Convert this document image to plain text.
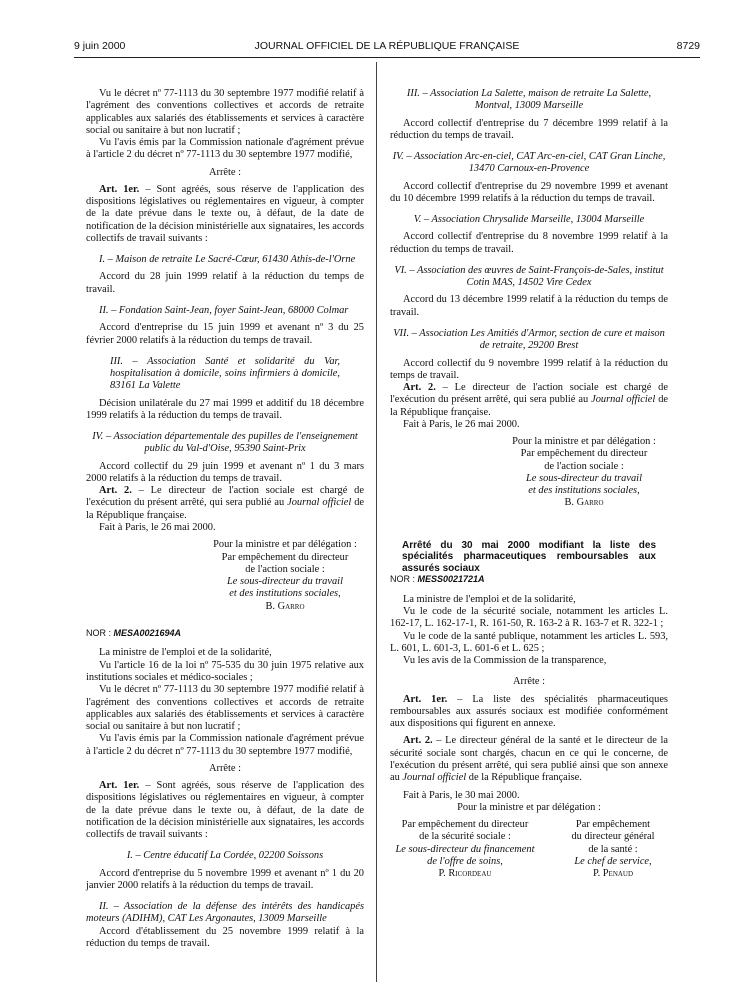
9 juin 2000	JOURNAL OFFICIEL DE LA RÉPUBLIQUE FRANÇAISE	8729

Vu le décret nº 77-1113 du 30 septembre 1977 modifié relatif à l'agrément des conventions collectives et accords de retraite applicables aux salariés des établissements et services à caractère social ou sanitaire à but non lucratif ;

Vu l'avis émis par la Commission nationale d'agrément prévue à l'article 2 du décret nº 77-1113 du 30 septembre 1977 modifié,

Arrête :

Art. 1er. – Sont agréés, sous réserve de l'application des dispositions législatives ou réglementaires en vigueur, à compter de la date prévue dans le texte ou, à défaut, de la date de notification de la décision ministérielle aux signataires, les accords collectifs de travail suivants :

I. – Maison de retraite Le Sacré-Cœur, 61430 Athis-de-l'Orne

Accord du 28 juin 1999 relatif à la réduction du temps de travail.

II. – Fondation Saint-Jean, foyer Saint-Jean, 68000 Colmar

Accord d'entreprise du 15 juin 1999 et avenant nº 3 du 25 février 2000 relatifs à la réduction du temps de travail.

III. – Association Santé et solidarité du Var, hospitalisation à domicile, soins infirmiers à domicile, 83161 La Valette

Décision unilatérale du 27 mai 1999 et additif du 18 décembre 1999 relatifs à la réduction du temps de travail.

IV. – Association départementale des pupilles de l'enseignement public du Val-d'Oise, 95390 Saint-Prix

Accord collectif du 29 juin 1999 et avenant nº 1 du 3 mars 2000 relatifs à la réduction du temps de travail.

Art. 2. – Le directeur de l'action sociale est chargé de l'exécution du présent arrêté, qui sera publié au Journal officiel de la République française.

Fait à Paris, le 26 mai 2000.

Pour la ministre et par délégation :

Par empêchement du directeur

de l'action sociale :

Le sous-directeur du travail

et des institutions sociales,

B. Garro

NOR : MESA0021694A

La ministre de l'emploi et de la solidarité,

Vu l'article 16 de la loi nº 75-535 du 30 juin 1975 relative aux institutions sociales et médico-sociales ;

Vu le décret nº 77-1113 du 30 septembre 1977 modifié relatif à l'agrément des conventions collectives et accords de retraite applicables aux salariés des établissements et services à caractère social ou sanitaire à but non lucratif ;

Vu l'avis émis par la Commission nationale d'agrément prévue à l'article 2 du décret nº 77-1113 du 30 septembre 1977 modifié,

Arrête :

Art. 1er. – Sont agréés, sous réserve de l'application des dispositions législatives ou réglementaires en vigueur, à compter de la date prévue dans le texte ou, à défaut, de la date de notification de la décision ministérielle aux signataires, les accords collectifs de travail suivants :

I. – Centre éducatif La Cordée, 02200 Soissons

Accord d'entreprise du 5 novembre 1999 et avenant nº 1 du 20 janvier 2000 relatifs à la réduction du temps de travail.

II. – Association de la défense des intérêts des handicapés moteurs (ADIHM), CAT Les Argonautes, 13009 Marseille

Accord d'établissement du 25 novembre 1999 relatif à la réduction du temps de travail.

III. – Association La Salette, maison de retraite La Salette, Montval, 13009 Marseille

Accord collectif d'entreprise du 7 décembre 1999 relatif à la réduction du temps de travail.

IV. – Association Arc-en-ciel, CAT Arc-en-ciel, CAT Gran Linche, 13470 Carnoux-en-Provence

Accord collectif d'entreprise du 29 novembre 1999 et avenant du 10 décembre 1999 relatifs à la réduction du temps de travail.

V. – Association Chrysalide Marseille, 13004 Marseille

Accord collectif d'entreprise du 8 novembre 1999 relatif à la réduction du temps de travail.

VI. – Association des œuvres de Saint-François-de-Sales, institut Cotin MAS, 14502 Vire Cedex

Accord du 13 décembre 1999 relatif à la réduction du temps de travail.

VII. – Association Les Amitiés d'Armor, section de cure et maison de retraite, 29200 Brest

Accord collectif du 9 novembre 1999 relatif à la réduction du temps de travail.

Art. 2. – Le directeur de l'action sociale est chargé de l'exécution du présent arrêté, qui sera publié au Journal officiel de la République française.

Fait à Paris, le 26 mai 2000.

Pour la ministre et par délégation :

Par empêchement du directeur

de l'action sociale :

Le sous-directeur du travail

et des institutions sociales,

B. Garro

Arrêté du 30 mai 2000 modifiant la liste des spécialités pharmaceutiques remboursables aux assurés sociaux

NOR : MESS0021721A

La ministre de l'emploi et de la solidarité,

Vu le code de la sécurité sociale, notamment les articles L. 162-17, L. 162-17-1, R. 161-50, R. 163-2 à R. 163-7 et R. 322-1 ;

Vu le code de la santé publique, notamment les articles L. 593, L. 601, L. 601-3, L. 601-6 et L. 625 ;

Vu les avis de la Commission de la transparence,

Arrête :

Art. 1er. – La liste des spécialités pharmaceutiques remboursables aux assurés sociaux est modifiée conformément aux dispositions qui figurent en annexe.

Art. 2. – Le directeur général de la santé et le directeur de la sécurité sociale sont chargés, chacun en ce qui le concerne, de l'exécution du présent arrêté, qui sera publié ainsi que son annexe au Journal officiel de la République française.

Fait à Paris, le 30 mai 2000.

Pour la ministre et par délégation :

Par empêchement du directeur

de la sécurité sociale :

Le sous-directeur du financement

de l'offre de soins,

P. Ricordeau

Par empêchement

du directeur général

de la santé :

Le chef de service,

P. Penaud
